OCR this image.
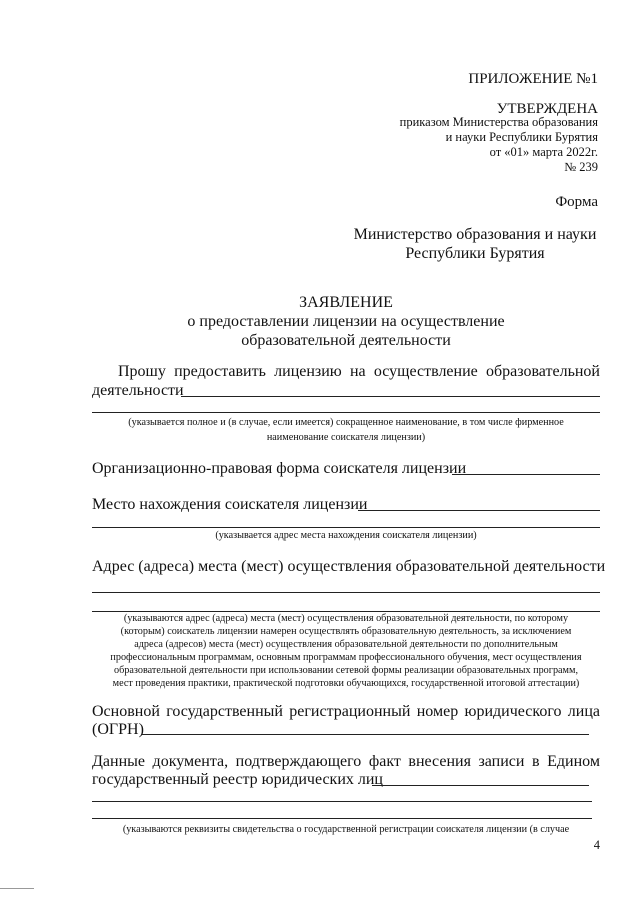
ПРИЛОЖЕНИЕ №1
УТВЕРЖДЕНА
приказом Министерства образования
и науки Республики Бурятия
от «01» марта 2022г.
№ 239
Форма
Министерство образования и науки
Республики Бурятия
ЗАЯВЛЕНИЕ
о предоставлении лицензии на осуществление
образовательной деятельности
Прошу предоставить лицензию на осуществление образовательной
деятельности
(указывается полное и (в случае, если имеется) сокращенное наименование, в том числе фирменное
наименование соискателя лицензии)
Организационно-правовая форма соискателя лицензии
Место нахождения соискателя лицензии
(указывается адрес места нахождения соискателя лицензии)
Адрес (адреса) места (мест) осуществления образовательной деятельности
(указываются адрес (адреса) места (мест) осуществления образовательной деятельности, по которому
(которым) соискатель лицензии намерен осуществлять образовательную деятельность, за исключением
адреса (адресов) места (мест) осуществления образовательной деятельности по дополнительным
профессиональным программам, основным программам профессионального обучения, мест осуществления
образовательной деятельности при использовании сетевой формы реализации образовательных программ,
мест проведения практики, практической подготовки обучающихся, государственной итоговой аттестации)
Основной государственный регистрационный номер юридического лица
(ОГРН)
Данные документа, подтверждающего факт внесения записи в Едином
государственный реестр юридических лиц
(указываются реквизиты свидетельства о государственной регистрации соискателя лицензии (в случае
4
